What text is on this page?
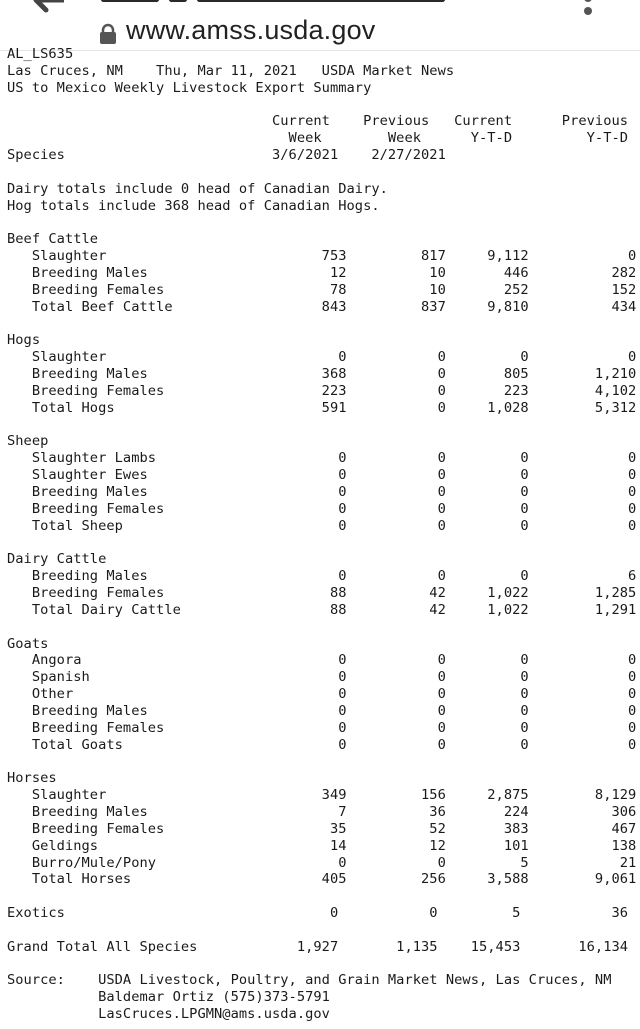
www.amss.usda.gov
AL_LS635
Las Cruces, NM    Thu, Mar 11, 2021   USDA Market News
US to Mexico Weekly Livestock Export Summary
Current    Previous   Current      Previous
Week        Week      Y-T-D         Y-T-D
Species                         3/6/2021    2/27/2021
Dairy totals include 0 head of Canadian Dairy.
Hog totals include 368 head of Canadian Hogs.
Beef Cattle
Slaughter                          753         817     9,112            0
Breeding Males                      12          10       446          282
Breeding Females                    78          10       252          152
Total Beef Cattle                  843         837     9,810          434
Hogs
Slaughter                            0           0         0            0
Breeding Males                     368           0       805        1,210
Breeding Females                   223           0       223        4,102
Total Hogs                         591           0     1,028        5,312
Sheep
Slaughter Lambs                      0           0         0            0
Slaughter Ewes                       0           0         0            0
Breeding Males                       0           0         0            0
Breeding Females                     0           0         0            0
Total Sheep                          0           0         0            0
Dairy Cattle
Breeding Males                       0           0         0            6
Breeding Females                    88          42     1,022        1,285
Total Dairy Cattle                  88          42     1,022        1,291
Goats
Angora                               0           0         0            0
Spanish                              0           0         0            0
Other                                0           0         0            0
Breeding Males                       0           0         0            0
Breeding Females                     0           0         0            0
Total Goats                          0           0         0            0
Horses
Slaughter                          349         156     2,875        8,129
Breeding Males                       7          36       224          306
Breeding Females                    35          52       383          467
Geldings                            14          12       101          138
Burro/Mule/Pony                      0           0         5           21
Total Horses                       405         256     3,588        9,061
Exotics                                0           0         5           36
Grand Total All Species            1,927       1,135    15,453       16,134
Source:    USDA Livestock, Poultry, and Grain Market News, Las Cruces, NM
Baldemar Ortiz (575)373-5791
LasCruces.LPGMN@ams.usda.gov
